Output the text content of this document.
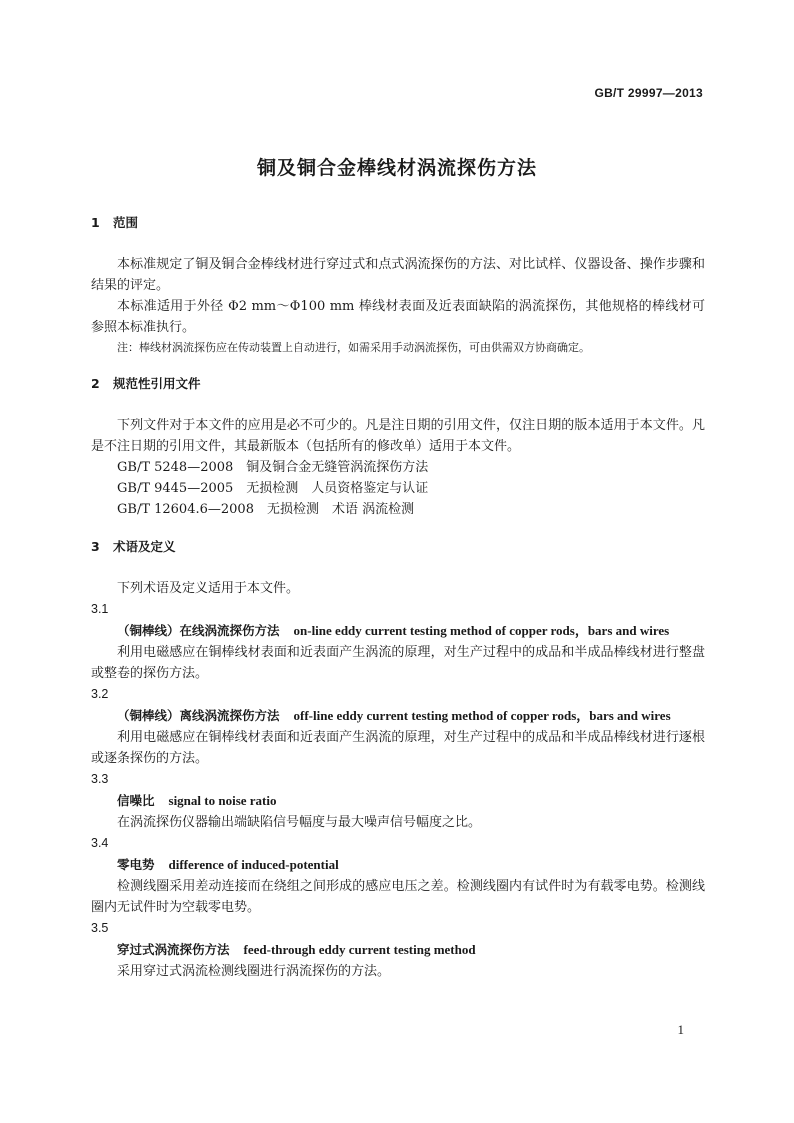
GB/T 29997—2013
铜及铜合金棒线材涡流探伤方法
1 范围

本标准规定了铜及铜合金棒线材进行穿过式和点式涡流探伤的方法、对比试样、仪器设备、操作步骤和结果的评定。

本标准适用于外径 Φ2 mm～Φ100 mm 棒线材表面及近表面缺陷的涡流探伤，其他规格的棒线材可参照本标准执行。

注：棒线材涡流探伤应在传动装置上自动进行，如需采用手动涡流探伤，可由供需双方协商确定。

2 规范性引用文件

下列文件对于本文件的应用是必不可少的。凡是注日期的引用文件，仅注日期的版本适用于本文件。凡是不注日期的引用文件，其最新版本（包括所有的修改单）适用于本文件。

GB/T 5248—2008　铜及铜合金无缝管涡流探伤方法

GB/T 9445—2005　无损检测　人员资格鉴定与认证

GB/T 12604.6—2008　无损检测　术语 涡流检测

3 术语及定义

下列术语及定义适用于本文件。

3.1
（铜棒线）在线涡流探伤方法 on-line eddy current testing method of copper rods，bars and wires

利用电磁感应在铜棒线材表面和近表面产生涡流的原理，对生产过程中的成品和半成品棒线材进行整盘或整卷的探伤方法。

3.2
（铜棒线）离线涡流探伤方法 off-line eddy current testing method of copper rods，bars and wires

利用电磁感应在铜棒线材表面和近表面产生涡流的原理，对生产过程中的成品和半成品棒线材进行逐根或逐条探伤的方法。

3.3
信噪比 signal to noise ratio

在涡流探伤仪器输出端缺陷信号幅度与最大噪声信号幅度之比。

3.4
零电势 difference of induced-potential

检测线圈采用差动连接而在绕组之间形成的感应电压之差。检测线圈内有试件时为有载零电势。检测线圈内无试件时为空载零电势。

3.5
穿过式涡流探伤方法 feed-through eddy current testing method

采用穿过式涡流检测线圈进行涡流探伤的方法。

1
